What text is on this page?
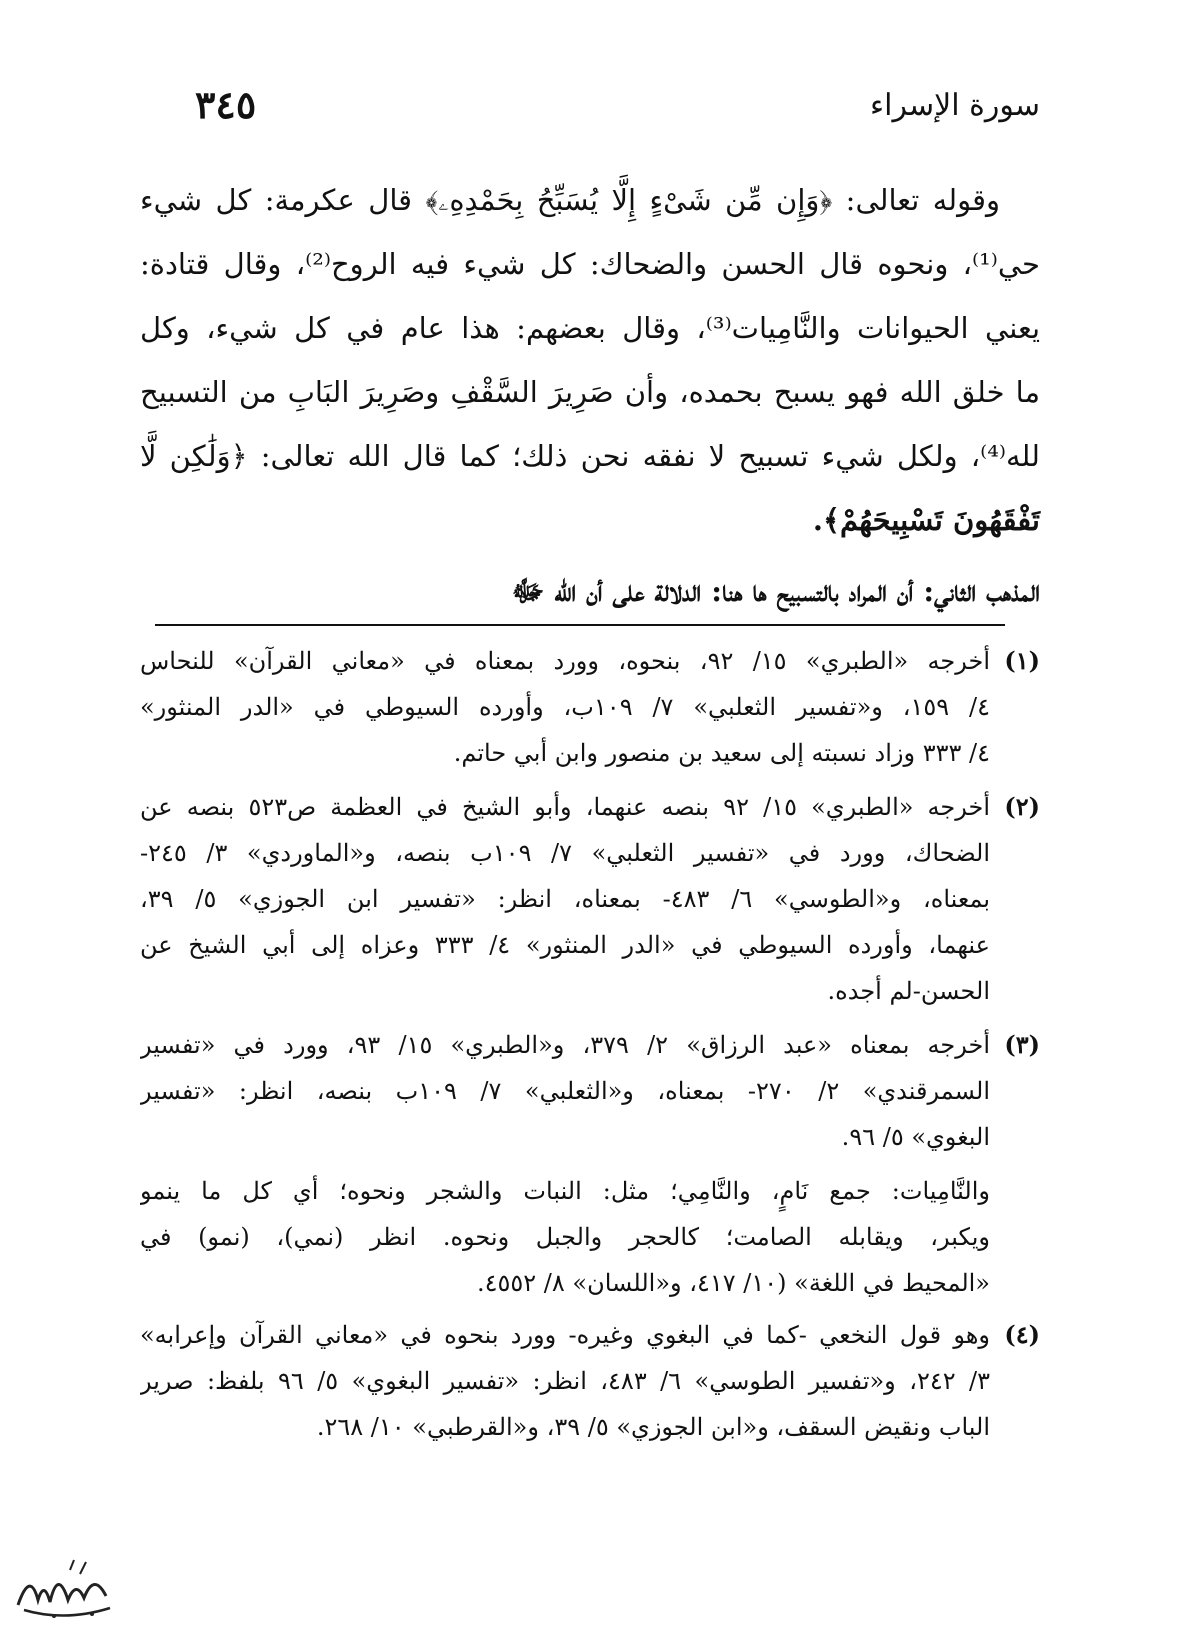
سورة الإسراء
٣٤٥
وقوله تعالى: ﴿وَإِن مِّن شَىْءٍ إِلَّا يُسَبِّحُ بِحَمْدِهِۦ﴾ قال عكرمة: كل شيء
حي⁽¹⁾، ونحوه قال الحسن والضحاك: كل شيء فيه الروح⁽²⁾، وقال قتادة:
يعني الحيوانات والنَّامِيات⁽³⁾، وقال بعضهم: هذا عام في كل شيء، وكل
ما خلق الله فهو يسبح بحمده، وأن صَرِيرَ السَّقْفِ وصَرِيرَ البَابِ من التسبيح
لله⁽⁴⁾، ولكل شيء تسبيح لا نفقه نحن ذلك؛ كما قال الله تعالى: ﴿وَلَٰكِن لَّا
تَفْقَهُونَ تَسْبِيحَهُمْ﴾.
المذهب الثاني: أن المراد بالتسبيح ها هنا: الدلالة على أن الله ﷻ
(١)
أخرجه «الطبري» ١٥/ ٩٢، بنحوه، وورد بمعناه في «معاني القرآن» للنحاس
٤/ ١٥٩، و«تفسير الثعلبي» ٧/ ١٠٩ب، وأورده السيوطي في «الدر المنثور»
٤/ ٣٣٣ وزاد نسبته إلى سعيد بن منصور وابن أبي حاتم.
(٢)
أخرجه «الطبري» ١٥/ ٩٢ بنصه عنهما، وأبو الشيخ في العظمة ص٥٢٣ بنصه عن
الضحاك، وورد في «تفسير الثعلبي» ٧/ ١٠٩ب بنصه، و«الماوردي» ٣/ ٢٤٥-
بمعناه، و«الطوسي» ٦/ ٤٨٣- بمعناه، انظر: «تفسير ابن الجوزي» ٥/ ٣٩،
عنهما، وأورده السيوطي في «الدر المنثور» ٤/ ٣٣٣ وعزاه إلى أبي الشيخ عن
الحسن-لم أجده.
(٣)
أخرجه بمعناه «عبد الرزاق» ٢/ ٣٧٩، و«الطبري» ١٥/ ٩٣، وورد في «تفسير
السمرقندي» ٢/ ٢٧٠- بمعناه، و«الثعلبي» ٧/ ١٠٩ب بنصه، انظر: «تفسير
البغوي» ٥/ ٩٦.
والنَّامِيات: جمع نَامٍ، والنَّامِي؛ مثل: النبات والشجر ونحوه؛ أي كل ما ينمو
ويكبر، ويقابله الصامت؛ كالحجر والجبل ونحوه. انظر (نمي)، (نمو) في
«المحيط في اللغة» (١٠/ ٤١٧، و«اللسان» ٨/ ٤٥٥٢.
(٤)
وهو قول النخعي -كما في البغوي وغيره- وورد بنحوه في «معاني القرآن وإعرابه»
٣/ ٢٤٢، و«تفسير الطوسي» ٦/ ٤٨٣، انظر: «تفسير البغوي» ٥/ ٩٦ بلفظ: صرير
الباب ونقيض السقف، و«ابن الجوزي» ٥/ ٣٩، و«القرطبي» ١٠/ ٢٦٨.
